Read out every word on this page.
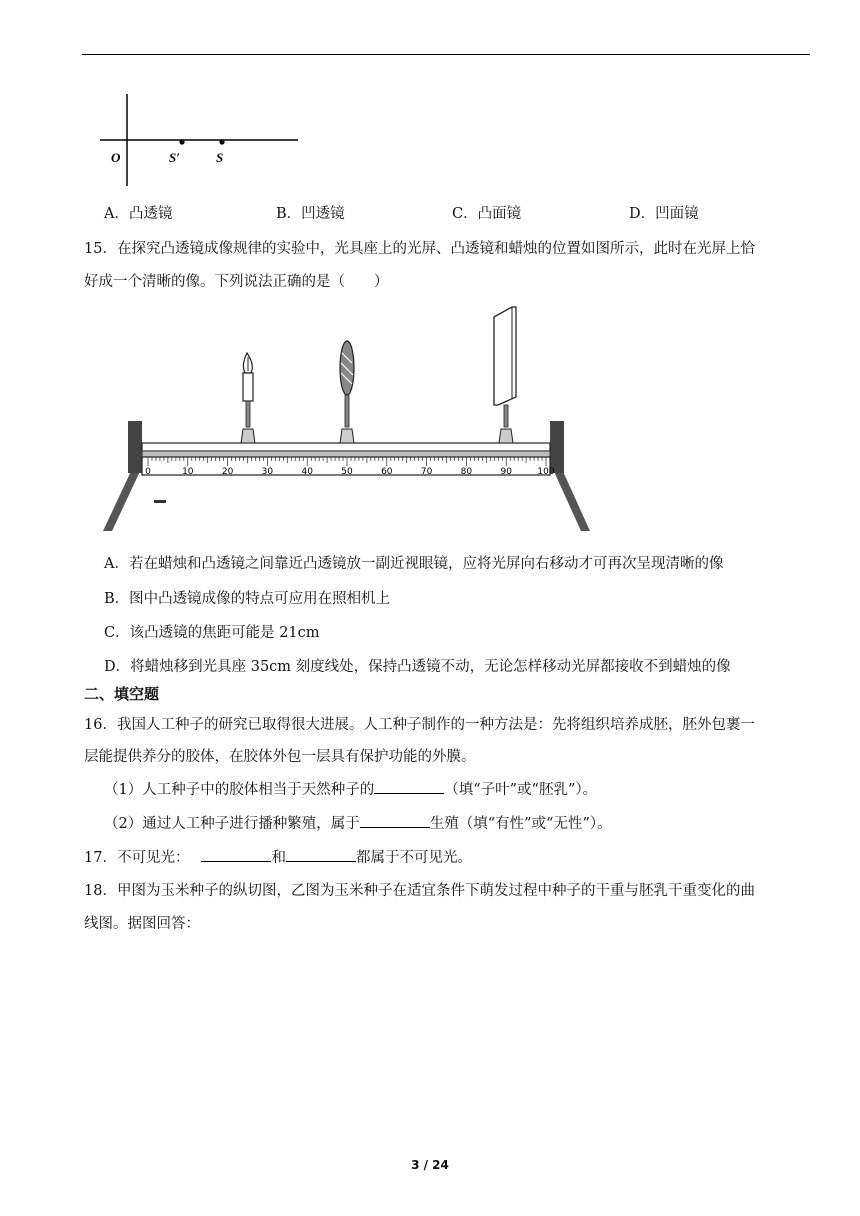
O	S′	S
A．凸透镜	B．凹透镜	C．凸面镜	D．凹面镜
15．在探究凸透镜成像规律的实验中，光具座上的光屏、凸透镜和蜡烛的位置如图所示，此时在光屏上恰
好成一个清晰的像。下列说法正确的是（　　）
0	10	20	30	40	50	60	70	80	90	100
A．若在蜡烛和凸透镜之间靠近凸透镜放一副近视眼镜，应将光屏向右移动才可再次呈现清晰的像
B．图中凸透镜成像的特点可应用在照相机上
C．该凸透镜的焦距可能是 21cm
D．将蜡烛移到光具座 35cm 刻度线处，保持凸透镜不动，无论怎样移动光屏都接收不到蜡烛的像
二、填空题
16．我国人工种子的研究已取得很大进展。人工种子制作的一种方法是：先将组织培养成胚，胚外包裹一
层能提供养分的胶体，在胶体外包一层具有保护功能的外膜。
（1）人工种子中的胶体相当于天然种子的	（填“子叶”或“胚乳”）。
（2）通过人工种子进行播种繁殖，属于	生殖（填“有性”或“无性”）。
17．不可见光：	和	都属于不可见光。
18．甲图为玉米种子的纵切图，乙图为玉米种子在适宜条件下萌发过程中种子的干重与胚乳干重变化的曲
线图。据图回答：
3 / 24
